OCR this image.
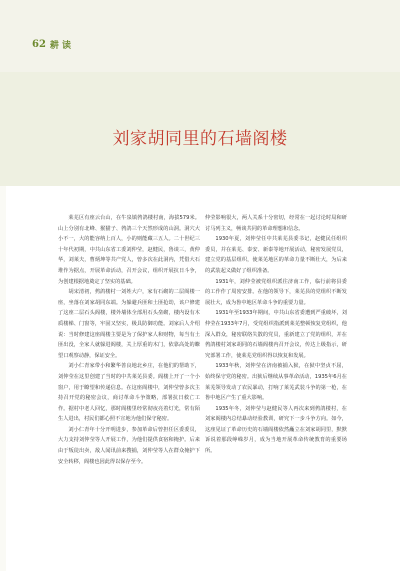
62 耕 读
刘家胡同里的石墙阁楼

莱芜区有座云台山，在牛泉镇鹁鸽楼村南，海拔579米。山上分别有北峰、猴猫子、鹁鸽三个天然形成的山洞。洞穴大小不一，大的能容纳上百人，小的则能藏三五人。二十世纪三十年代初期，中共山东省工委刘仲莹，赵健民，鲁谈三，黄仲华，刘莱夫，曹炳坤等共产党人，曾多次在此洞内，凭借大石堆作为据点，开展革命活动，召开会议，组织开展抗日斗争，为创建根据地奠定了坚实的基础。

胡宋清初，鹁鸽楼村一刘姓大户，家有石砌的二层阁楼一座，坐落在刘家胡同东端。为躲避兵匪和土匪抢劫，该户修建了这座二层石头阁楼，楼外墙体全部用石头垒砌，楼内设有木质楼梯、门窗等，牢固又坚实，极具防御功能。刘家后人介绍说：当时修建这座阁楼主要是为了保护家人和财物，每当有土匪出没，全家人就躲进阁楼，关上厚重的木门，依靠高处的瞭望口观察动静，保证安全。

刘小仁青家带小和繁华善良地北乡庄，在他们的帮助下，刘仲莹在这里创建了当时的中共莱芜县委。阁楼上开了一个小窗户，用于瞭望和传递信息。在这座阁楼中，刘仲莹曾多次主持召开党的秘密会议，商讨革命斗争策略，部署抗日救亡工作。据村中老人回忆，那时阁楼里经常彻夜亮着灯光，常有陌生人进出，村民们都心照不宣地为他们保守秘密。

刘小仁青年十分开明进步，参加革命后曾担任区委委员，大力支持刘仲莹等人开展工作，为他们提供食宿和掩护。后来由于叛徒出卖，敌人闻讯前来搜捕，刘仲莹等人在群众掩护下安全转移，阁楼也因此得以保存至今。

仲莹影响很大，两人关系十分密切，经常在一起讨论时局和研讨马列主义，畅谈共同的革命理想和信念。

1930年夏，刘仲莹任中共莱芜县委书记，赵健民任组织委员，并在莱芜、泰安、新泰等地开展活动，秘密发展党员，建立党的基层组织，使莱芜地区的革命力量不断壮大，为后来的武装起义做好了组织准备。

1931年，刘仲莹被党组织派往济南工作，临行前将县委的工作作了周密安排。在他的领导下，莱芜县的党组织不断发展壮大，成为鲁中地区革命斗争的重要力量。

1931年至1933年期间，中共山东省委遭到严重破坏，刘仲莹在1933年7月，受党组织指派到莱芜整顿恢复党组织，他深入群众，秘密联络失散的党员，重新建立了党的组织，并在鹁鸽楼村刘家胡同的石墙阁楼内召开会议，传达上级指示，研究部署工作，使莱芜党组织得以恢复和发展。

1933年秋，刘仲莹在济南被捕入狱，在狱中坚贞不屈，始终保守党的秘密。出狱后继续从事革命活动，1935年6月在莱芜领导发动了农民暴动，打响了莱芜武装斗争的第一枪，在鲁中地区产生了重大影响。

1935年冬，刘仲莹与赵健民等人再次来到鹁鸽楼村，在刘家阁楼内总结暴动经验教训，研究下一步斗争方向。如今，这座见证了革命历史的石墙阁楼依然矗立在刘家胡同里，默默诉说着那段峥嵘岁月，成为当地开展革命传统教育的重要场所。
